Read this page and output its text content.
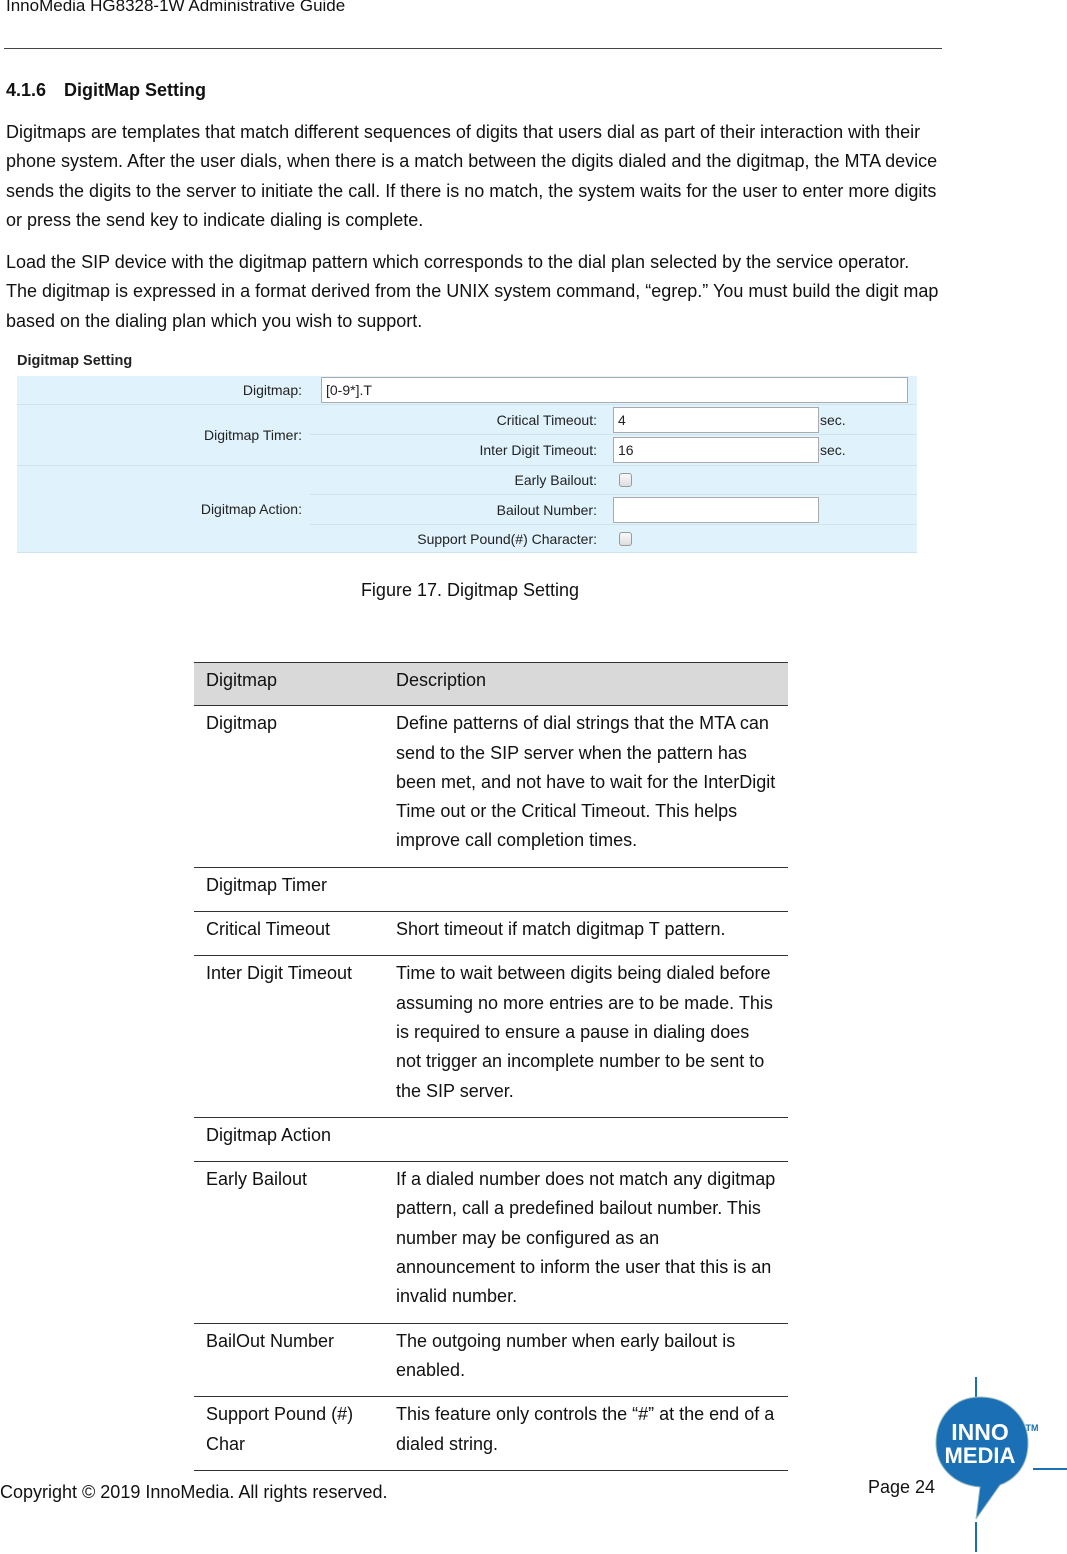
InnoMedia HG8328-1W Administrative Guide
4.1.6 DigitMap Setting
Digitmaps are templates that match different sequences of digits that users dial as part of their interaction with their phone system. After the user dials, when there is a match between the digits dialed and the digitmap, the MTA device sends the digits to the server to initiate the call. If there is no match, the system waits for the user to enter more digits or press the send key to indicate dialing is complete.
Load the SIP device with the digitmap pattern which corresponds to the dial plan selected by the service operator. The digitmap is expressed in a format derived from the UNIX system command, “egrep.” You must build the digit map based on the dialing plan which you wish to support.
Digitmap Setting
Digitmap:	[0-9*].T
Digitmap Timer:
Critical Timeout:	4	sec.
Inter Digit Timeout:	16	sec.
Digitmap Action:
Early Bailout:
Bailout Number:
Support Pound(#) Character:
Figure 17. Digitmap Setting
Digitmap	Description
Digitmap	Define patterns of dial strings that the MTA can send to the SIP server when the pattern has been met, and not have to wait for the InterDigit Time out or the Critical Timeout. This helps improve call completion times.
Digitmap Timer	
Critical Timeout	Short timeout if match digitmap T pattern.
Inter Digit Timeout	Time to wait between digits being dialed before assuming no more entries are to be made. This is required to ensure a pause in dialing does not trigger an incomplete number to be sent to the SIP server.
Digitmap Action	
Early Bailout	If a dialed number does not match any digitmap pattern, call a predefined bailout number. This number may be configured as an announcement to inform the user that this is an invalid number.
BailOut Number	The outgoing number when early bailout is enabled.
Support Pound (#) Char	This feature only controls the “#” at the end of a dialed string.
Copyright © 2019 InnoMedia. All rights reserved.	Page 24
INNO
MEDIA
TM
